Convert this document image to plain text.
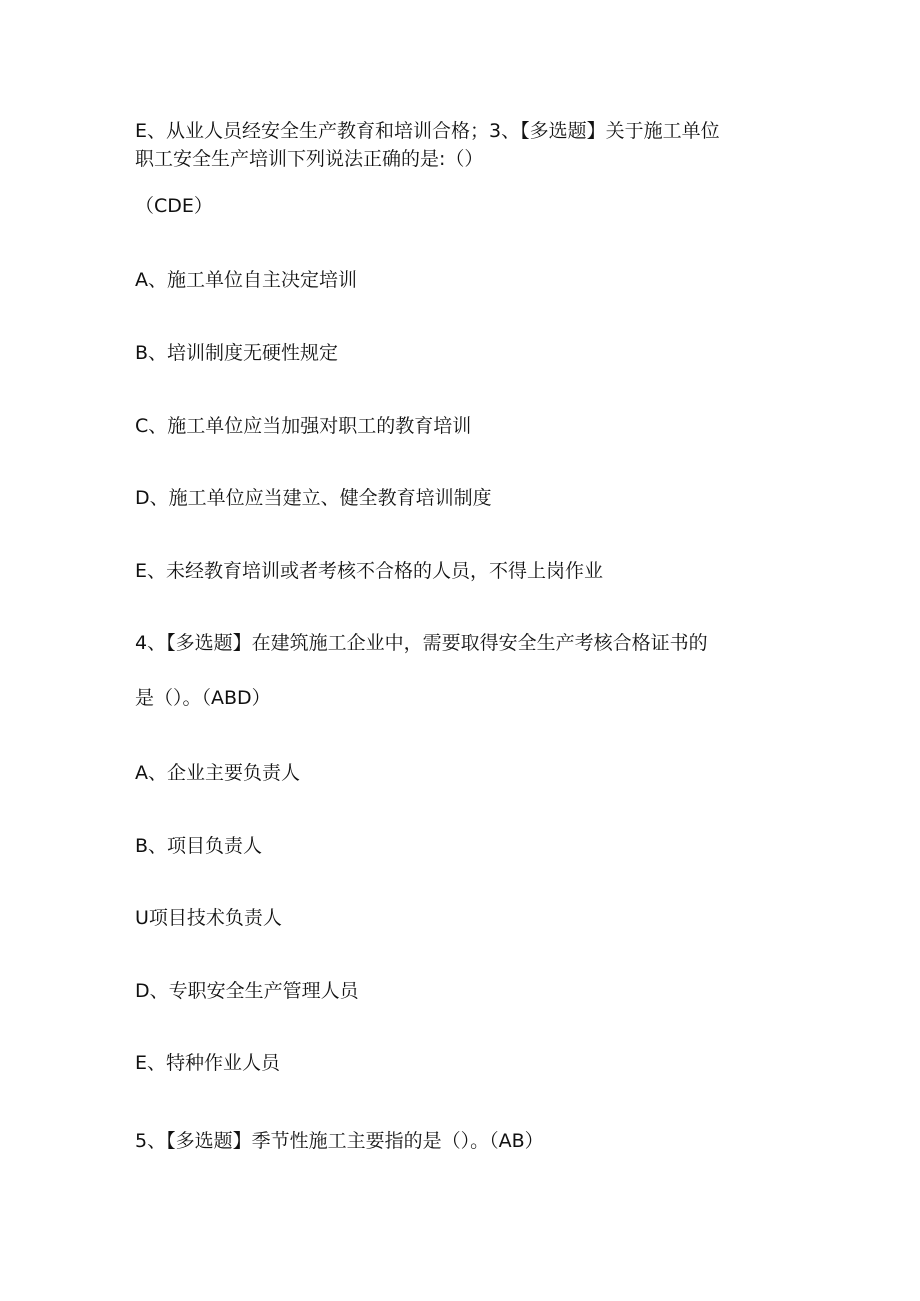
E、从业人员经安全生产教育和培训合格；3、【多选题】关于施工单位
职工安全生产培训下列说法正确的是:（）
（CDE）
A、施工单位自主决定培训
B、培训制度无硬性规定
C、施工单位应当加强对职工的教育培训
D、施工单位应当建立、健全教育培训制度
E、未经教育培训或者考核不合格的人员，不得上岗作业
4、【多选题】在建筑施工企业中，需要取得安全生产考核合格证书的
是（）。（ABD）
A、企业主要负责人
B、项目负责人
U项目技术负责人
D、专职安全生产管理人员
E、特种作业人员
5、【多选题】季节性施工主要指的是（）。（AB）
